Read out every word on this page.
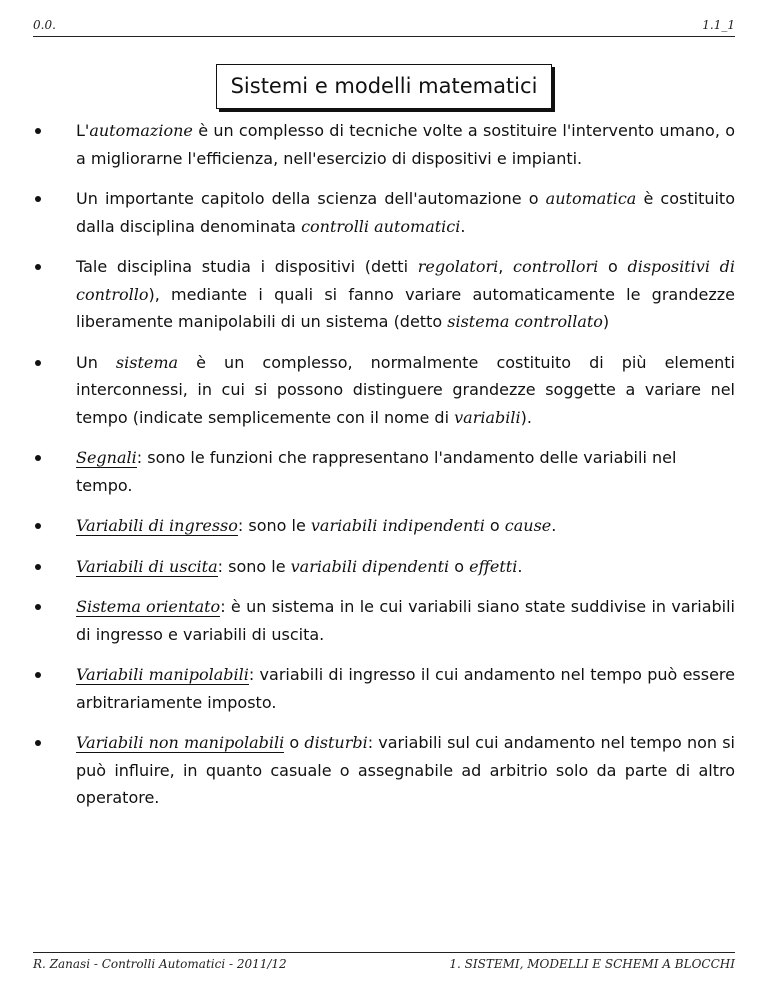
0.0.	1.1_1
Sistemi e modelli matematici
L'automazione è un complesso di tecniche volte a sostituire l'intervento umano, o a migliorarne l'efficienza, nell'esercizio di dispositivi e impianti.
Un importante capitolo della scienza dell'automazione o automatica è costituito dalla disciplina denominata controlli automatici.
Tale disciplina studia i dispositivi (detti regolatori, controllori o dispositivi di controllo), mediante i quali si fanno variare automaticamente le grandezze liberamente manipolabili di un sistema (detto sistema controllato)
Un sistema è un complesso, normalmente costituito di più elementi interconnessi, in cui si possono distinguere grandezze soggette a variare nel tempo (indicate semplicemente con il nome di variabili).
Segnali: sono le funzioni che rappresentano l'andamento delle variabili nel tempo.
Variabili di ingresso: sono le variabili indipendenti o cause.
Variabili di uscita: sono le variabili dipendenti o effetti.
Sistema orientato: è un sistema in le cui variabili siano state suddivise in variabili di ingresso e variabili di uscita.
Variabili manipolabili: variabili di ingresso il cui andamento nel tempo può essere arbitrariamente imposto.
Variabili non manipolabili o disturbi: variabili sul cui andamento nel tempo non si può influire, in quanto casuale o assegnabile ad arbitrio solo da parte di altro operatore.
R. Zanasi - Controlli Automatici - 2011/12	1. SISTEMI, MODELLI E SCHEMI A BLOCCHI
